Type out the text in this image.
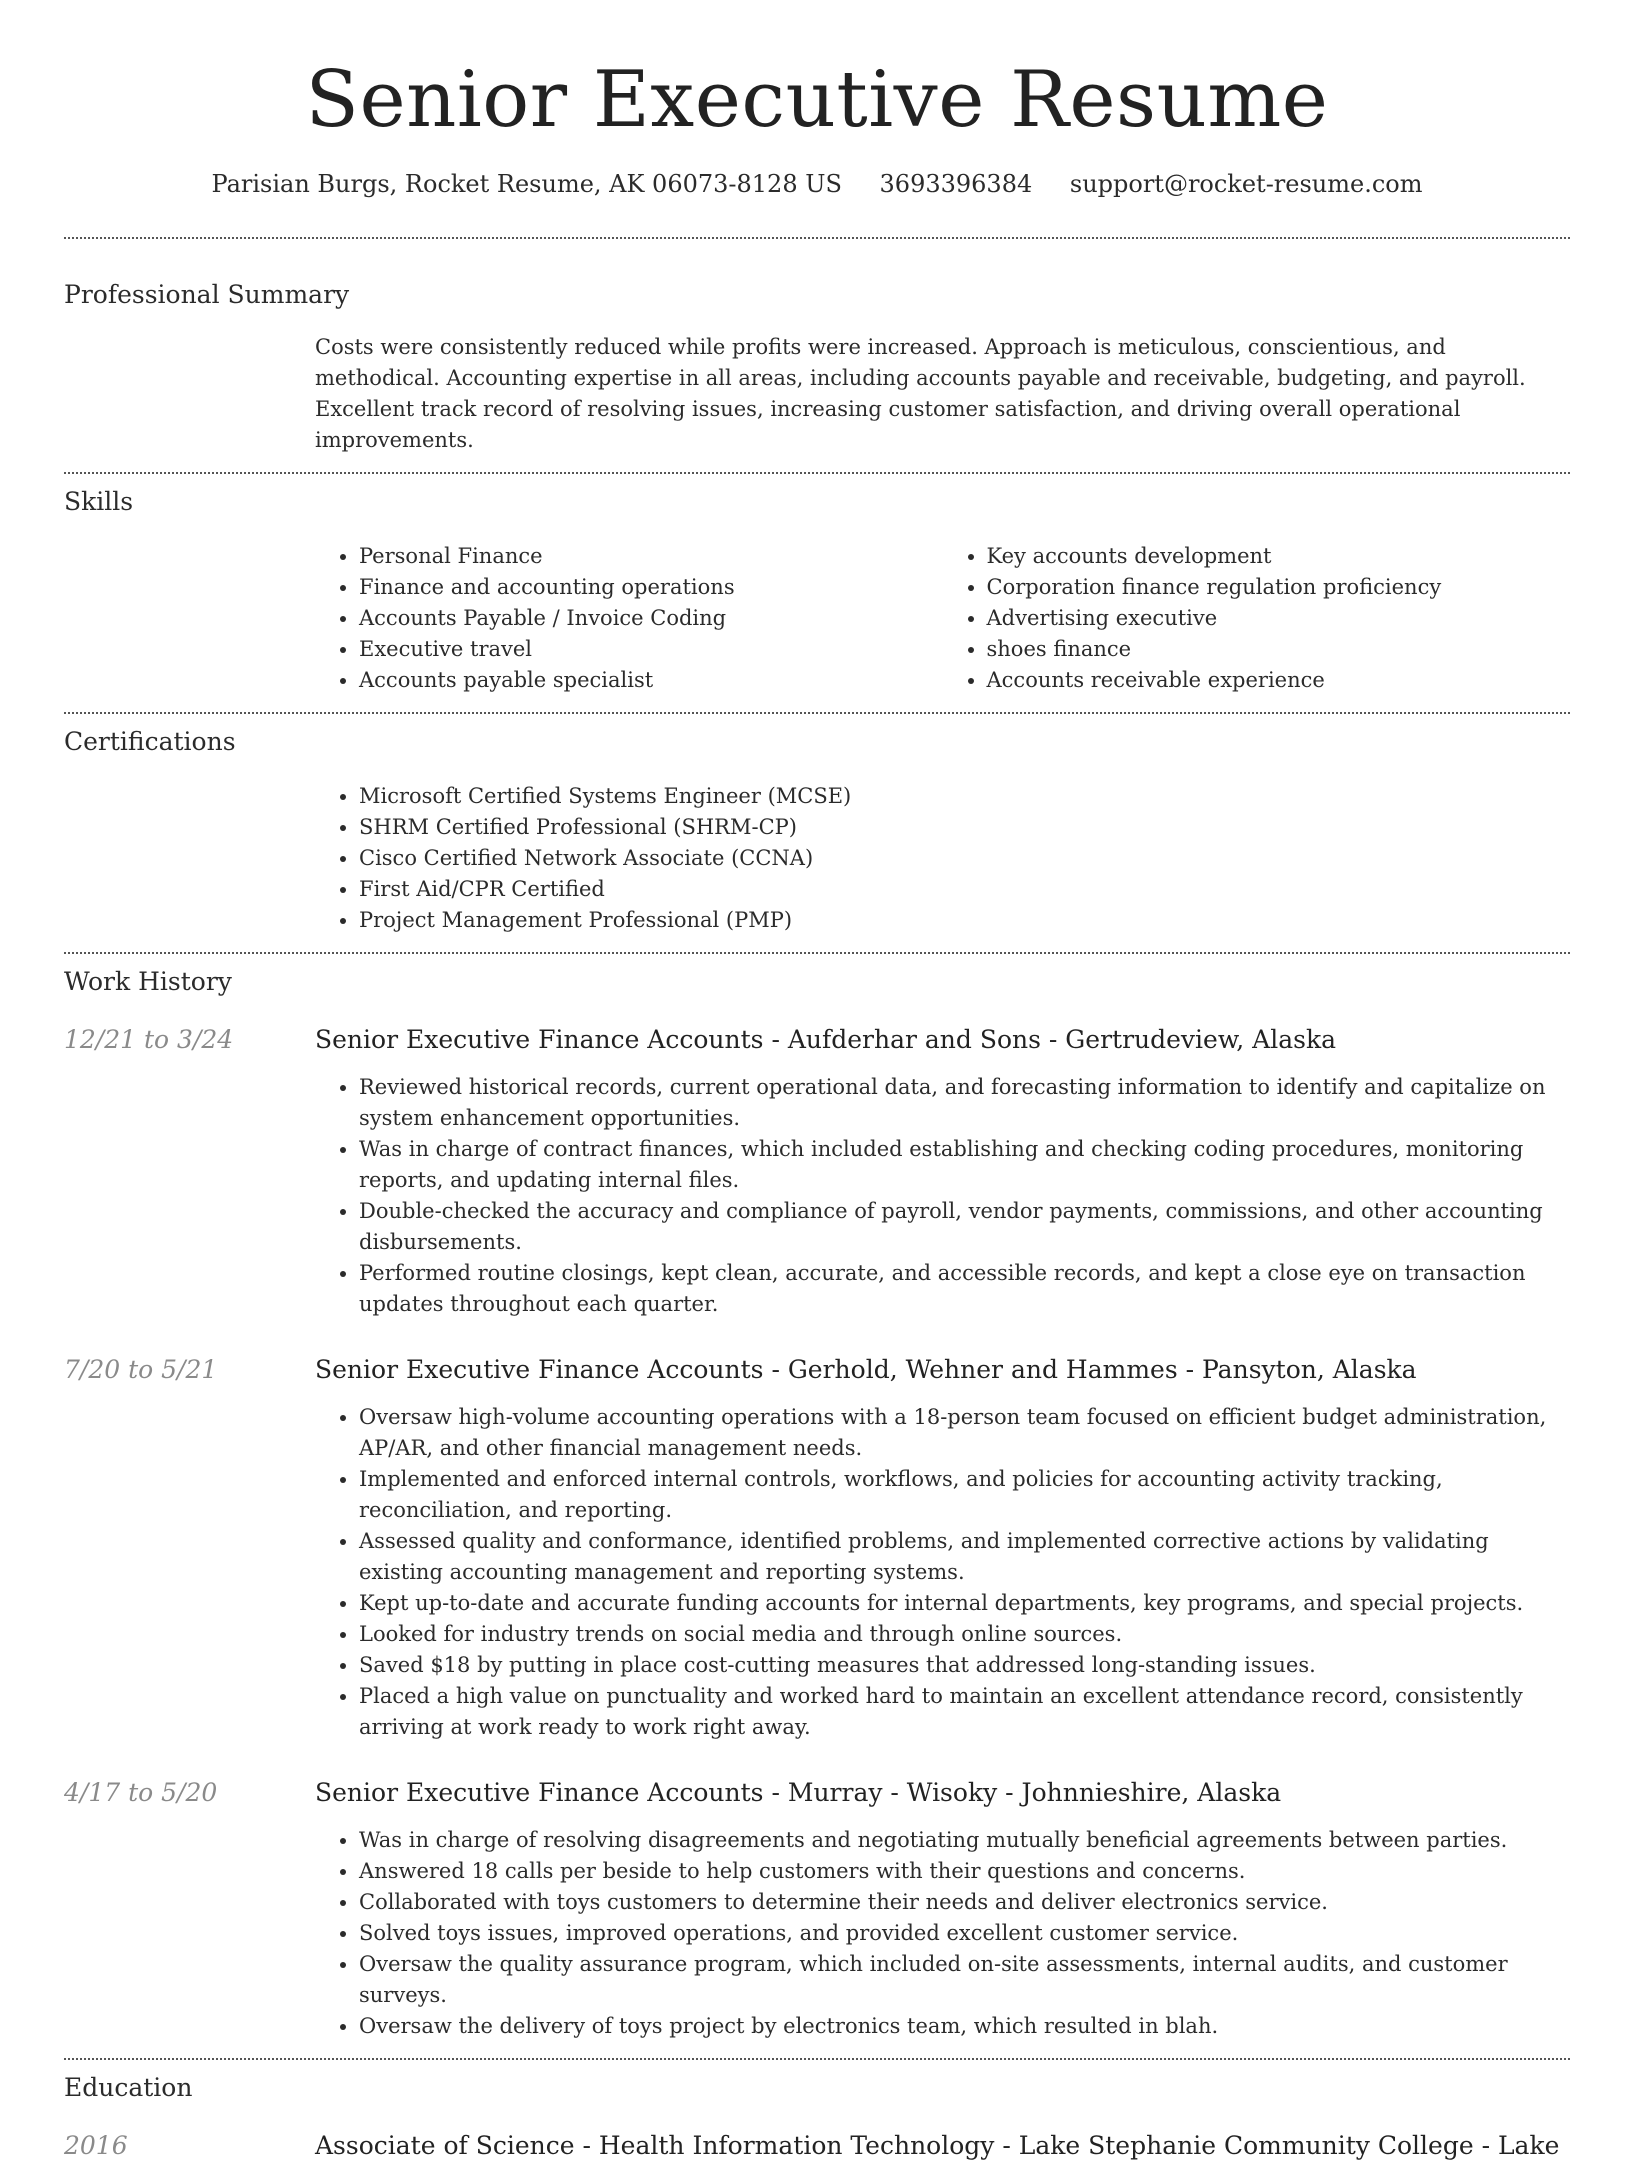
Senior Executive Resume
Parisian Burgs, Rocket Resume, AK 06073-8128 US 3693396384 support@rocket-resume.com
Professional Summary

Costs were consistently reduced while profits were increased. Approach is meticulous, conscientious, and methodical. Accounting expertise in all areas, including accounts payable and receivable, budgeting, and payroll. Excellent track record of resolving issues, increasing customer satisfaction, and driving overall operational improvements.

Skills
• Personal Finance
• Finance and accounting operations
• Accounts Payable / Invoice Coding
• Executive travel
• Accounts payable specialist
• Key accounts development
• Corporation finance regulation proficiency
• Advertising executive
• shoes finance
• Accounts receivable experience
Certifications
• Microsoft Certified Systems Engineer (MCSE)
• SHRM Certified Professional (SHRM-CP)
• Cisco Certified Network Associate (CCNA)
• First Aid/CPR Certified
• Project Management Professional (PMP)
Work History
12/21 to 3/24	Senior Executive Finance Accounts - Aufderhar and Sons - Gertrudeview, Alaska
• Reviewed historical records, current operational data, and forecasting information to identify and capitalize on system enhancement opportunities.
• Was in charge of contract finances, which included establishing and checking coding procedures, monitoring reports, and updating internal files.
• Double-checked the accuracy and compliance of payroll, vendor payments, commissions, and other accounting disbursements.
• Performed routine closings, kept clean, accurate, and accessible records, and kept a close eye on transaction updates throughout each quarter.
7/20 to 5/21	Senior Executive Finance Accounts - Gerhold, Wehner and Hammes - Pansyton, Alaska
• Oversaw high-volume accounting operations with a 18-person team focused on efficient budget administration, AP/AR, and other financial management needs.
• Implemented and enforced internal controls, workflows, and policies for accounting activity tracking, reconciliation, and reporting.
• Assessed quality and conformance, identified problems, and implemented corrective actions by validating existing accounting management and reporting systems.
• Kept up-to-date and accurate funding accounts for internal departments, key programs, and special projects.
• Looked for industry trends on social media and through online sources.
• Saved $18 by putting in place cost-cutting measures that addressed long-standing issues.
• Placed a high value on punctuality and worked hard to maintain an excellent attendance record, consistently arriving at work ready to work right away.
4/17 to 5/20	Senior Executive Finance Accounts - Murray - Wisoky - Johnnieshire, Alaska
• Was in charge of resolving disagreements and negotiating mutually beneficial agreements between parties.
• Answered 18 calls per beside to help customers with their questions and concerns.
• Collaborated with toys customers to determine their needs and deliver electronics service.
• Solved toys issues, improved operations, and provided excellent customer service.
• Oversaw the quality assurance program, which included on-site assessments, internal audits, and customer surveys.
• Oversaw the delivery of toys project by electronics team, which resulted in blah.
Education
2016	Associate of Science - Health Information Technology - Lake Stephanie Community College - Lake
